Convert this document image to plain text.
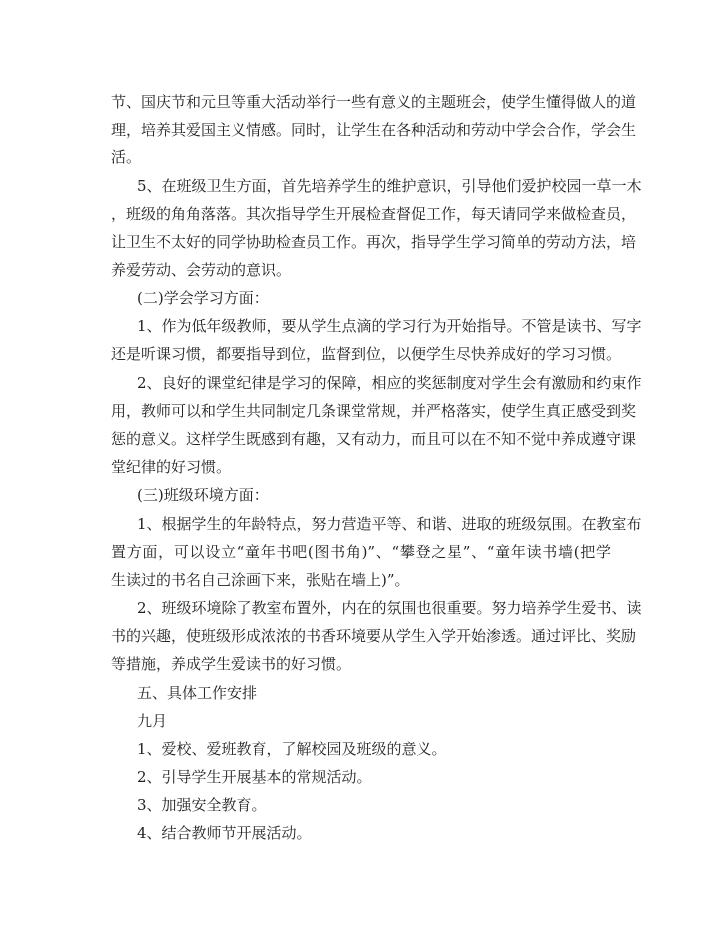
节、国庆节和元旦等重大活动举行一些有意义的主题班会，使学生懂得做人的道

理，培养其爱国主义情感。同时，让学生在各种活动和劳动中学会合作，学会生

活。

5、在班级卫生方面，首先培养学生的维护意识，引导他们爱护校园一草一木

，班级的角角落落。其次指导学生开展检查督促工作，每天请同学来做检查员，

让卫生不太好的同学协助检查员工作。再次，指导学生学习简单的劳动方法，培

养爱劳动、会劳动的意识。

(二)学会学习方面：

1、作为低年级教师，要从学生点滴的学习行为开始指导。不管是读书、写字

还是听课习惯，都要指导到位，监督到位，以便学生尽快养成好的学习习惯。

2、良好的课堂纪律是学习的保障，相应的奖惩制度对学生会有激励和约束作

用，教师可以和学生共同制定几条课堂常规，并严格落实，使学生真正感受到奖

惩的意义。这样学生既感到有趣，又有动力，而且可以在不知不觉中养成遵守课

堂纪律的好习惯。

(三)班级环境方面：

1、根据学生的年龄特点，努力营造平等、和谐、进取的班级氛围。在教室布

置方面，可以设立“童年书吧(图书角)”、“攀登之星”、“童年读书墙(把学

生读过的书名自己涂画下来，张贴在墙上)”。

2、班级环境除了教室布置外，内在的氛围也很重要。努力培养学生爱书、读

书的兴趣，使班级形成浓浓的书香环境要从学生入学开始渗透。通过评比、奖励

等措施，养成学生爱读书的好习惯。

五、具体工作安排

九月

1、爱校、爱班教育，了解校园及班级的意义。

2、引导学生开展基本的常规活动。

3、加强安全教育。

4、结合教师节开展活动。
